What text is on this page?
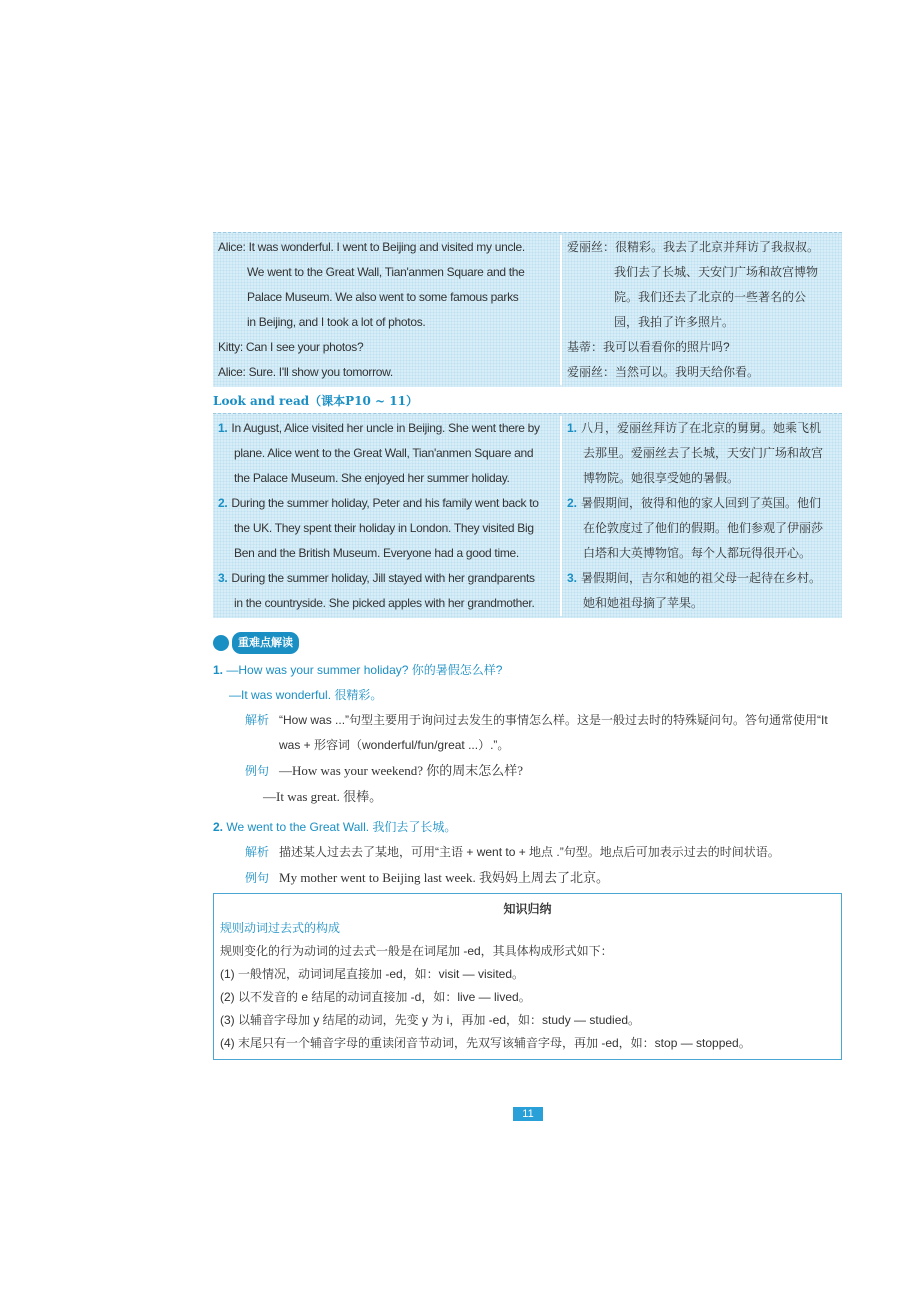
Alice: It was wonderful. I went to Beijing and visited my uncle.	爱丽丝：很精彩。我去了北京并拜访了我叔叔。
We went to the Great Wall, Tian'anmen Square and the	我们去了长城、天安门广场和故宫博物
Palace Museum. We also went to some famous parks	院。我们还去了北京的一些著名的公
in Beijing, and I took a lot of photos.	园，我拍了许多照片。
Kitty: Can I see your photos?	基蒂：我可以看看你的照片吗?
Alice: Sure. I'll show you tomorrow.	爱丽丝：当然可以。我明天给你看。
Look and read（课本P10 ~ 11）
1. In August, Alice visited her uncle in Beijing. She went there by	1. 八月，爱丽丝拜访了在北京的舅舅。她乘飞机
plane. Alice went to the Great Wall, Tian'anmen Square and	去那里。爱丽丝去了长城，天安门广场和故宫
the Palace Museum. She enjoyed her summer holiday.	博物院。她很享受她的暑假。
2. During the summer holiday, Peter and his family went back to	2. 暑假期间，彼得和他的家人回到了英国。他们
the UK. They spent their holiday in London. They visited Big	在伦敦度过了他们的假期。他们参观了伊丽莎
Ben and the British Museum. Everyone had a good time.	白塔和大英博物馆。每个人都玩得很开心。
3. During the summer holiday, Jill stayed with her grandparents	3. 暑假期间，吉尔和她的祖父母一起待在乡村。
in the countryside. She picked apples with her grandmother.	她和她祖母摘了苹果。
重难点解读
1. —How was your summer holiday? 你的暑假怎么样?
—It was wonderful. 很精彩。
解析 “How was ...”句型主要用于询问过去发生的事情怎么样。这是一般过去时的特殊疑问句。答句通常使用“It was + 形容词（wonderful/fun/great ...）.”。
例句 —How was your weekend? 你的周末怎么样?
—It was great. 很棒。
2. We went to the Great Wall. 我们去了长城。
解析 描述某人过去去了某地，可用“主语 + went to + 地点 .”句型。地点后可加表示过去的时间状语。
例句 My mother went to Beijing last week. 我妈妈上周去了北京。
知识归纳
规则动词过去式的构成
规则变化的行为动词的过去式一般是在词尾加 -ed，其具体构成形式如下：
(1) 一般情况，动词词尾直接加 -ed，如：visit — visited。
(2) 以不发音的 e 结尾的动词直接加 -d，如：live — lived。
(3) 以辅音字母加 y 结尾的动词，先变 y 为 i，再加 -ed，如：study — studied。
(4) 末尾只有一个辅音字母的重读闭音节动词，先双写该辅音字母，再加 -ed，如：stop — stopped。
11
